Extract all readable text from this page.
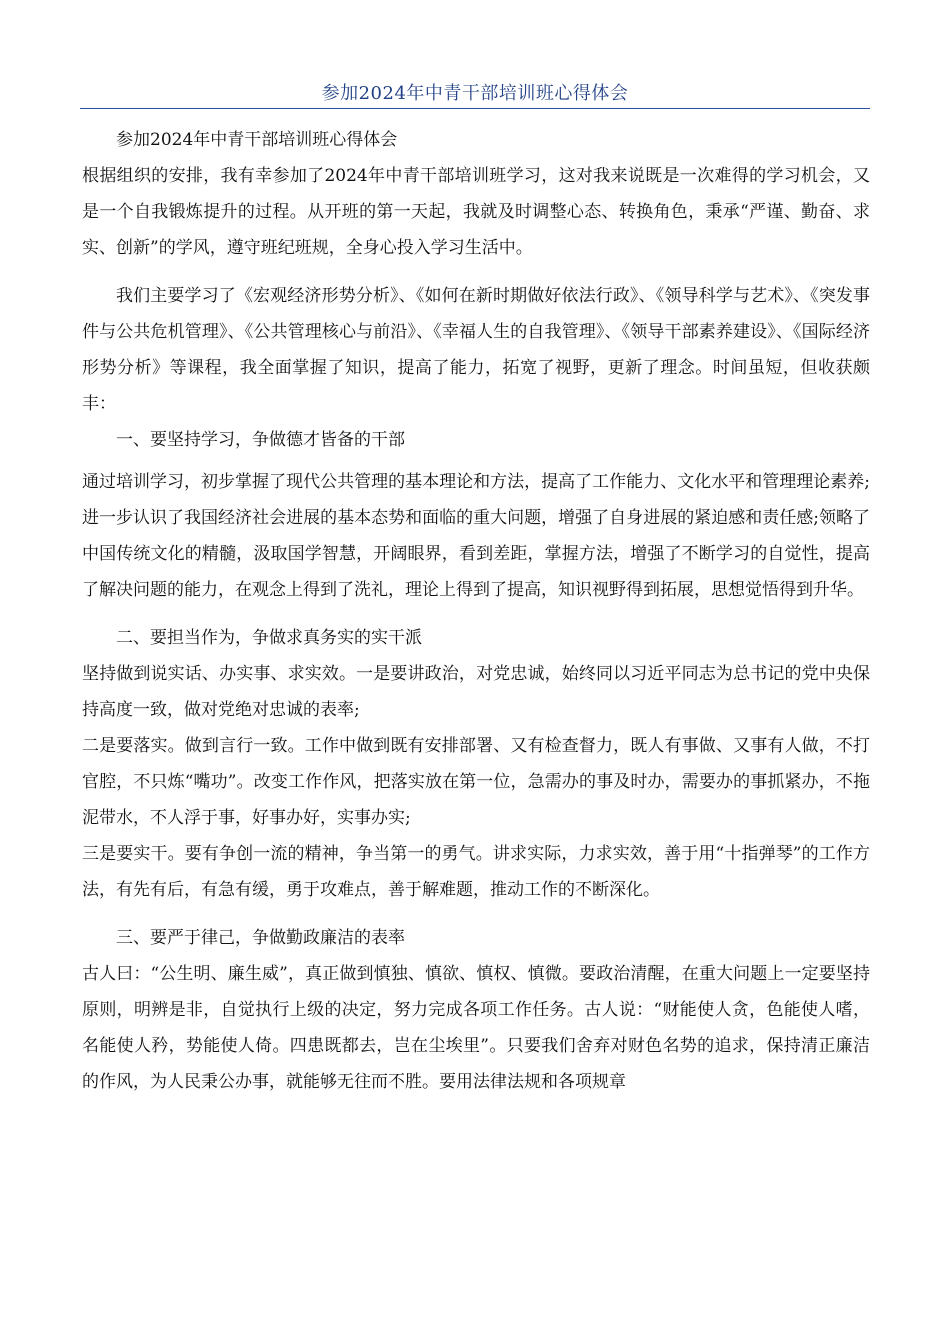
参加2024年中青干部培训班心得体会

参加2024年中青干部培训班心得体会

根据组织的安排，我有幸参加了2024年中青干部培训班学习，这对我来说既是一次难得的学习机会，又是一个自我锻炼提升的过程。从开班的第一天起，我就及时调整心态、转换角色，秉承“严谨、勤奋、求实、创新”的学风，遵守班纪班规，全身心投入学习生活中。

我们主要学习了《宏观经济形势分析》、《如何在新时期做好依法行政》、《领导科学与艺术》、《突发事件与公共危机管理》、《公共管理核心与前沿》、《幸福人生的自我管理》、《领导干部素养建设》、《国际经济形势分析》等课程，我全面掌握了知识，提高了能力，拓宽了视野，更新了理念。时间虽短，但收获颇丰：

一、要坚持学习，争做德才皆备的干部

通过培训学习，初步掌握了现代公共管理的基本理论和方法，提高了工作能力、文化水平和管理理论素养;进一步认识了我国经济社会进展的基本态势和面临的重大问题，增强了自身进展的紧迫感和责任感;领略了中国传统文化的精髓，汲取国学智慧，开阔眼界，看到差距，掌握方法，增强了不断学习的自觉性，提高了解决问题的能力，在观念上得到了洗礼，理论上得到了提高，知识视野得到拓展，思想觉悟得到升华。

二、要担当作为，争做求真务实的实干派

坚持做到说实话、办实事、求实效。一是要讲政治，对党忠诚，始终同以习近平同志为总书记的党中央保持高度一致，做对党绝对忠诚的表率;

二是要落实。做到言行一致。工作中做到既有安排部署、又有检查督力，既人有事做、又事有人做，不打官腔，不只炼“嘴功”。改变工作作风，把落实放在第一位，急需办的事及时办，需要办的事抓紧办，不拖泥带水，不人浮于事，好事办好，实事办实;

三是要实干。要有争创一流的精神，争当第一的勇气。讲求实际，力求实效，善于用“十指弹琴”的工作方法，有先有后，有急有缓，勇于攻难点，善于解难题，推动工作的不断深化。

三、要严于律己，争做勤政廉洁的表率

古人曰：“公生明、廉生威”，真正做到慎独、慎欲、慎权、慎微。要政治清醒，在重大问题上一定要坚持原则，明辨是非，自觉执行上级的决定，努力完成各项工作任务。古人说：“财能使人贪，色能使人嗜，名能使人矜，势能使人倚。四患既都去，岂在尘埃里”。只要我们舍弃对财色名势的追求，保持清正廉洁的作风，为人民秉公办事，就能够无往而不胜。要用法律法规和各项规章
